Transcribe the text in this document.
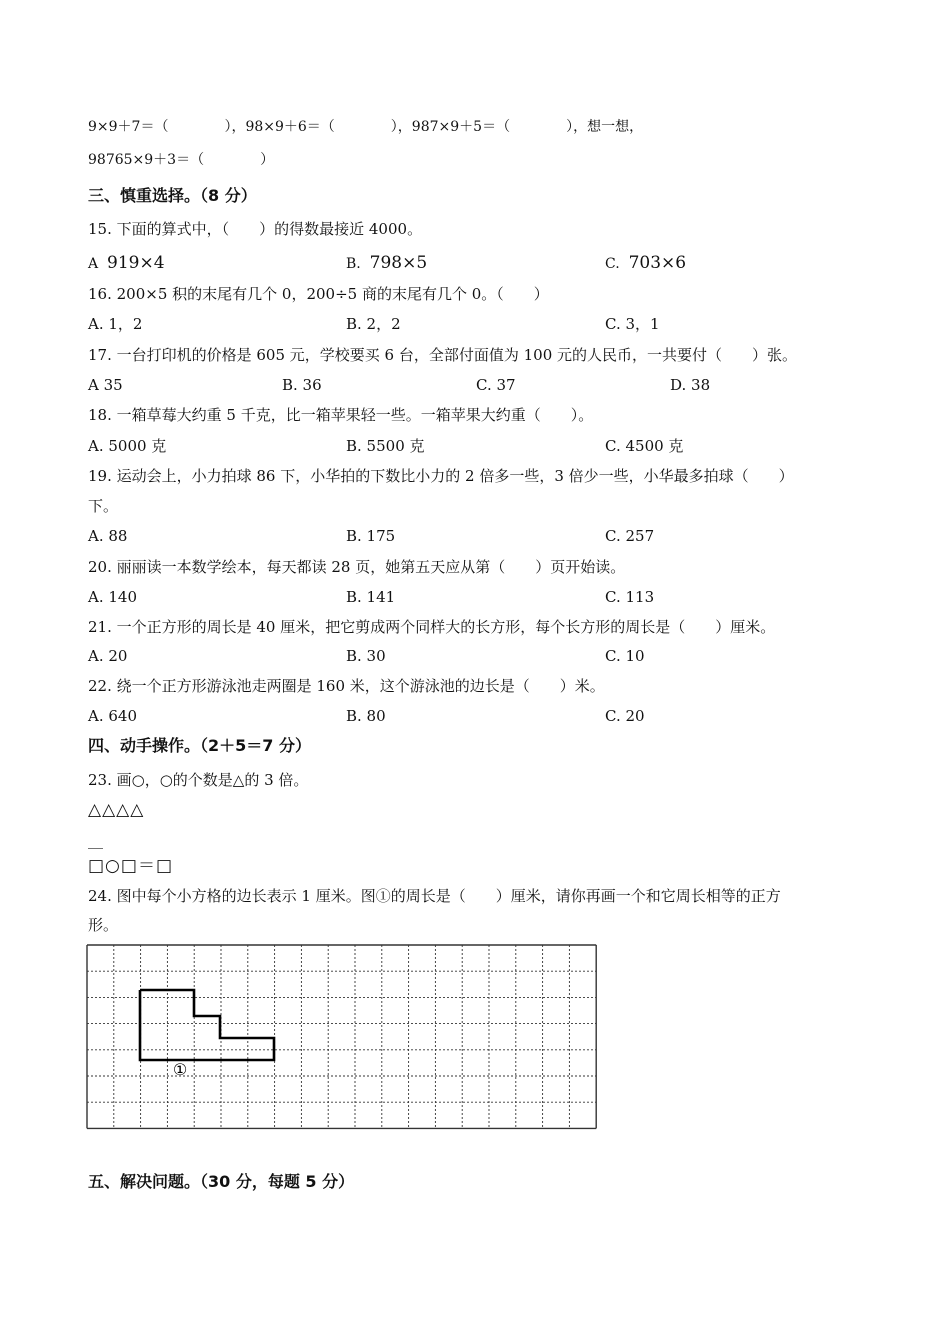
9×9＋7＝（　　　　），98×9＋6＝（　　　　），987×9＋5＝（　　　　），想一想，
98765×9＋3＝（　　　　）
三、慎重选择。（8 分）
15. 下面的算式中，（　　）的得数最接近 4000。
A 919×4	B. 798×5	C. 703×6
16. 200×5 积的末尾有几个 0，200÷5 商的末尾有几个 0。（　　）
A. 1，2	B. 2，2	C. 3，1
17. 一台打印机的价格是 605 元，学校要买 6 台，全部付面值为 100 元的人民币，一共要付（　　）张。
A 35	B. 36	C. 37	D. 38
18. 一箱草莓大约重 5 千克，比一箱苹果轻一些。一箱苹果大约重（　　）。
A. 5000 克	B. 5500 克	C. 4500 克
19. 运动会上，小力拍球 86 下，小华拍的下数比小力的 2 倍多一些，3 倍少一些，小华最多拍球（　　）
下。
A. 88	B. 175	C. 257
20. 丽丽读一本数学绘本，每天都读 28 页，她第五天应从第（　　）页开始读。
A. 140	B. 141	C. 113
21. 一个正方形的周长是 40 厘米，把它剪成两个同样大的长方形，每个长方形的周长是（　　）厘米。
A. 20	B. 30	C. 10
22. 绕一个正方形游泳池走两圈是 160 米，这个游泳池的边长是（　　）米。
A. 640	B. 80	C. 20
四、动手操作。（2＋5＝7 分）
23. 画○，○的个数是△的 3 倍。
△△△△
__
□○□＝□
24. 图中每个小方格的边长表示 1 厘米。图①的周长是（　　）厘米，请你再画一个和它周长相等的正方
形。
①
五、解决问题。（30 分，每题 5 分）
